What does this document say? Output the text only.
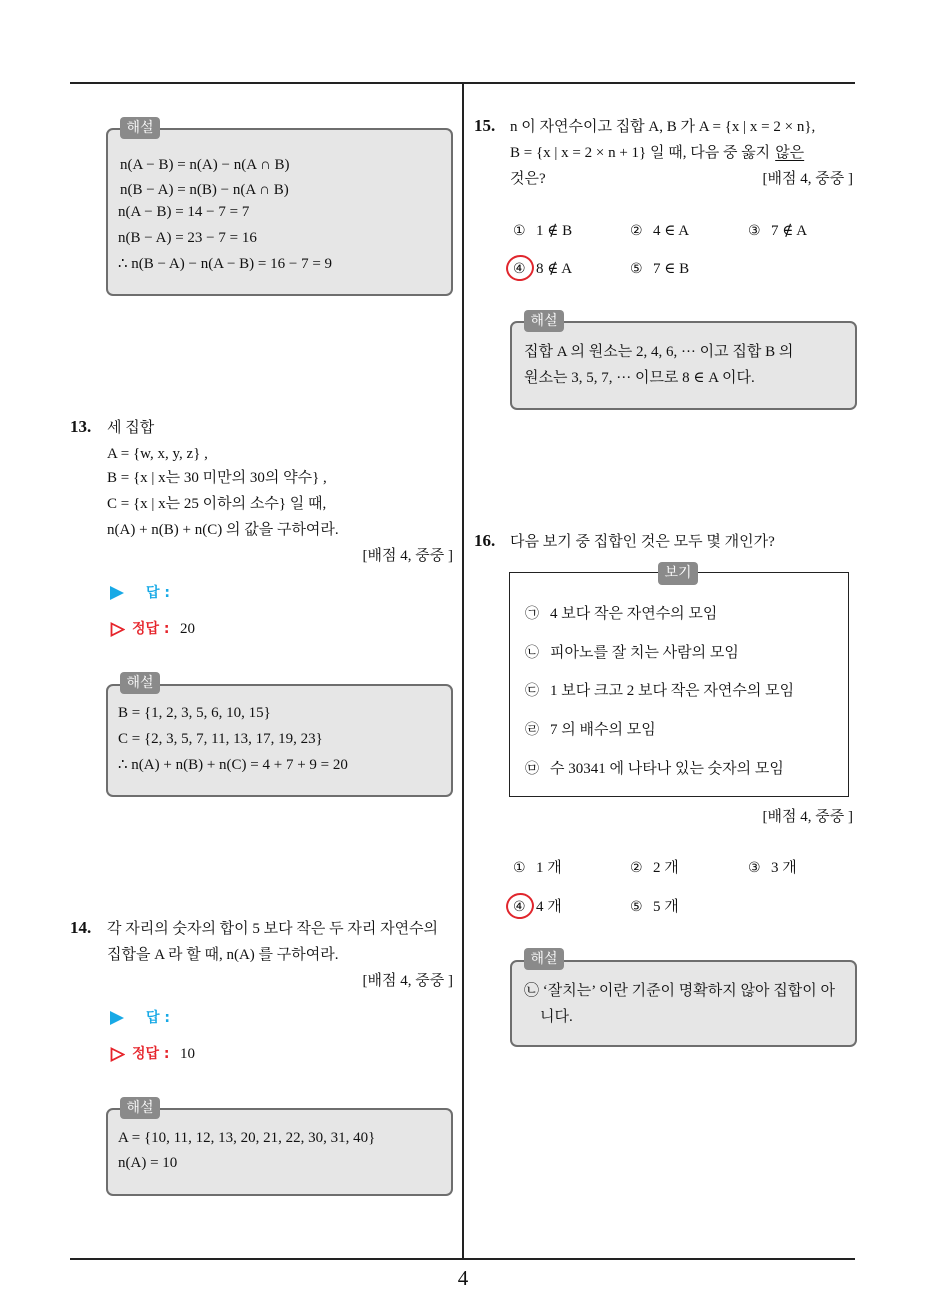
4
해설
n(A − B) = n(A) − n(A ∩ B)
n(B − A) = n(B) − n(A ∩ B)
n(A − B) = 14 − 7 = 7
n(B − A) = 23 − 7 = 16
∴ n(B − A) − n(A − B) = 16 − 7 = 9
13. 세 집합
A = {w, x, y, z} ,
B = {x | x는 30 미만의 30의 약수} ,
C = {x | x는 25 이하의 소수} 일 때,
n(A) + n(B) + n(C) 의 값을 구하여라.
[배점 4, 중중 ]
답 :
정답 : 20
해설
B = {1, 2, 3, 5, 6, 10, 15}
C = {2, 3, 5, 7, 11, 13, 17, 19, 23}
∴ n(A) + n(B) + n(C) = 4 + 7 + 9 = 20
14. 각 자리의 숫자의 합이 5 보다 작은 두 자리 자연수의
집합을 A 라 할 때, n(A) 를 구하여라.
[배점 4, 중중 ]
답 :
정답 : 10
해설
A = {10, 11, 12, 13, 20, 21, 22, 30, 31, 40}
n(A) = 10
15. n 이 자연수이고 집합 A, B 가 A = {x | x = 2 × n},
B = {x | x = 2 × n + 1} 일 때, 다음 중 옳지 않은
것은?	[배점 4, 중중 ]
① 1 ∉ B	② 4 ∈ A	③ 7 ∉ A
④ 8 ∉ A	⑤ 7 ∈ B
해설
집합 A 의 원소는 2, 4, 6, ··· 이고 집합 B 의
원소는 3, 5, 7, ··· 이므로 8 ∈ A 이다.
16. 다음 보기 중 집합인 것은 모두 몇 개인가?
보기
㉠ 4 보다 작은 자연수의 모임
㉡ 피아노를 잘 치는 사람의 모임
㉢ 1 보다 크고 2 보다 작은 자연수의 모임
㉣ 7 의 배수의 모임
㉤ 수 30341 에 나타나 있는 숫자의 모임
[배점 4, 중중 ]
① 1 개	② 2 개	③ 3 개
④ 4 개	⑤ 5 개
해설
㉡ ‘잘치는’ 이란 기준이 명확하지 않아 집합이 아
니다.
